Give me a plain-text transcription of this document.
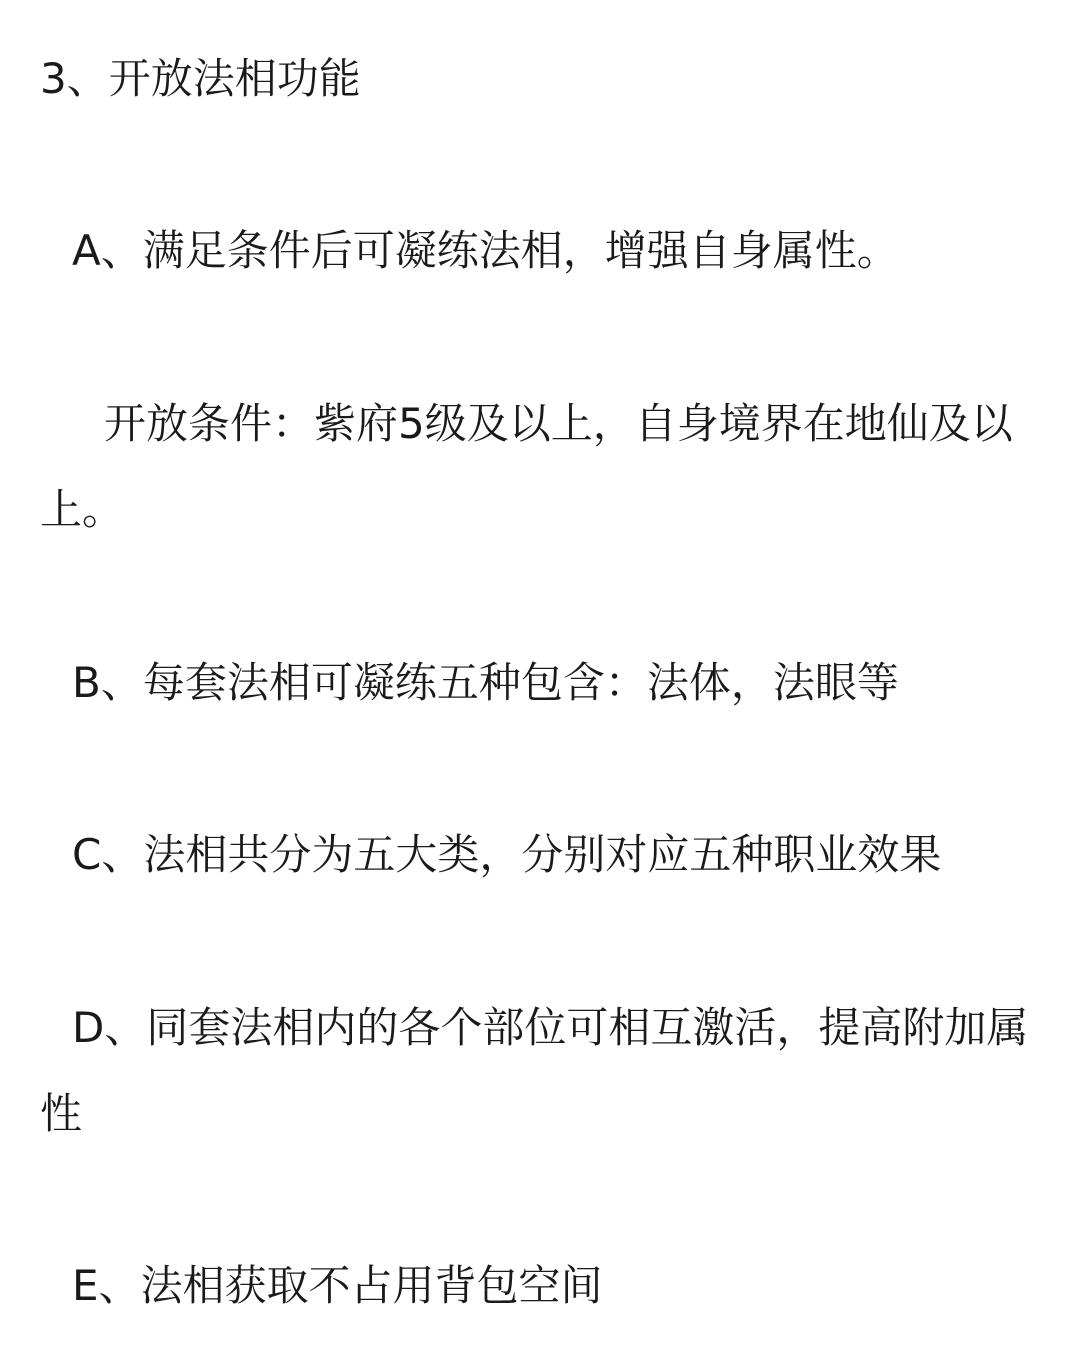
3、开放法相功能

A、满足条件后可凝练法相，增强自身属性。

开放条件：紫府5级及以上，自身境界在地仙及以上。

B、每套法相可凝练五种包含：法体，法眼等

C、法相共分为五大类，分别对应五种职业效果

D、同套法相内的各个部位可相互激活，提高附加属性

E、法相获取不占用背包空间
